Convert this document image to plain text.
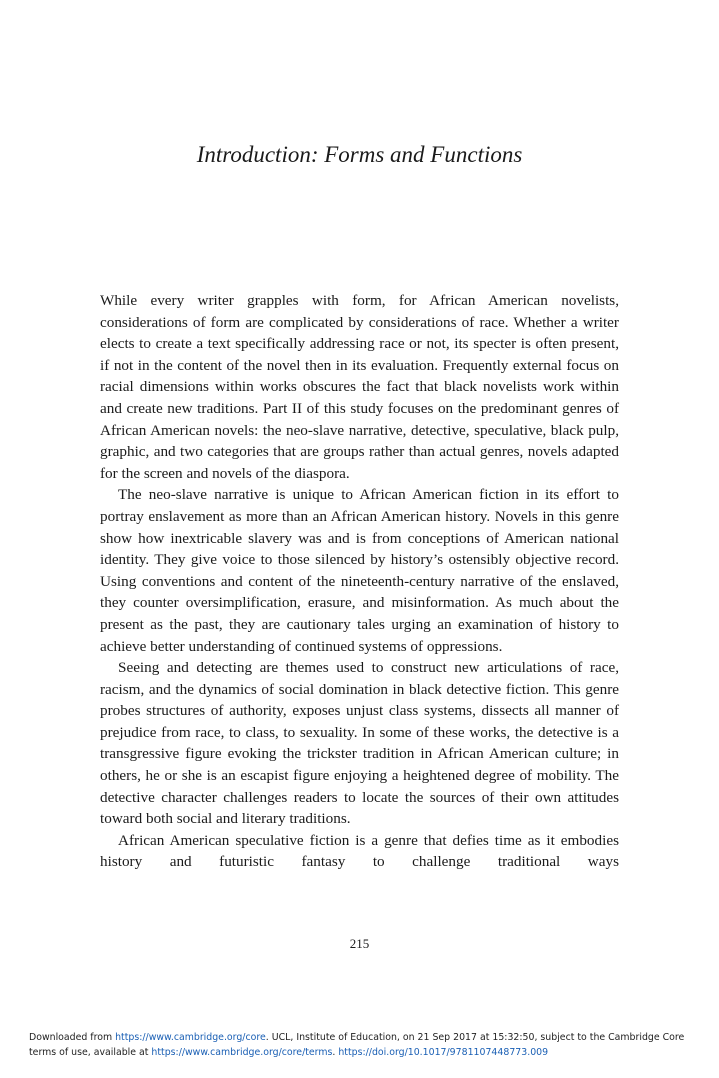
Introduction: Forms and Functions

While every writer grapples with form, for African American novelists, considerations of form are complicated by considerations of race. Whether a writer elects to create a text specifically addressing race or not, its specter is often present, if not in the content of the novel then in its evaluation. Frequently external focus on racial dimensions within works obscures the fact that black novelists work within and create new traditions. Part II of this study focuses on the predominant genres of African American novels: the neo-slave narrative, detective, speculative, black pulp, graphic, and two categories that are groups rather than actual genres, novels adapted for the screen and novels of the diaspora.

The neo-slave narrative is unique to African American fiction in its effort to portray enslavement as more than an African American history. Novels in this genre show how inextricable slavery was and is from conceptions of American national identity. They give voice to those silenced by history’s ostensibly objective record. Using conventions and content of the nineteenth-century narrative of the enslaved, they counter oversimplification, erasure, and misinformation. As much about the present as the past, they are cautionary tales urging an examination of history to achieve better understanding of continued systems of oppressions.

Seeing and detecting are themes used to construct new articulations of race, racism, and the dynamics of social domination in black detective fiction. This genre probes structures of authority, exposes unjust class systems, dissects all manner of prejudice from race, to class, to sexuality. In some of these works, the detective is a transgressive figure evoking the trickster tradition in African American culture; in others, he or she is an escapist figure enjoying a heightened degree of mobility. The detective character challenges readers to locate the sources of their own attitudes toward both social and literary traditions.

African American speculative fiction is a genre that defies time as it embodies history and futuristic fantasy to challenge traditional ways

215
Downloaded from https://www.cambridge.org/core. UCL, Institute of Education, on 21 Sep 2017 at 15:32:50, subject to the Cambridge Core terms of use, available at https://www.cambridge.org/core/terms. https://doi.org/10.1017/9781107448773.009
